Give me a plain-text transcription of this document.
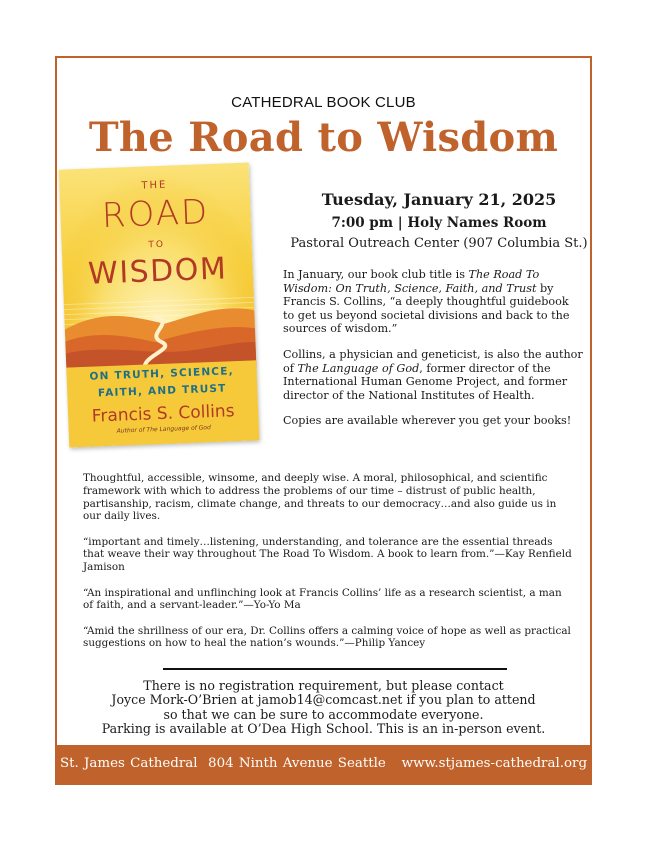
CATHEDRAL BOOK CLUB
The Road to Wisdom
THE
ROAD
TO
WISDOM
ON TRUTH, SCIENCE,
FAITH, AND TRUST
Francis S. Collins
Author of The Language of God
Tuesday, January 21, 2025
7:00 pm | Holy Names Room
Pastoral Outreach Center (907 Columbia St.)

In January, our book club title is The Road To Wisdom: On Truth, Science, Faith, and Trust by Francis S. Collins, “a deeply thoughtful guidebook to get us beyond societal divisions and back to the sources of wisdom.”

Collins, a physician and geneticist, is also the author of The Language of God, former director of the International Human Genome Project, and former director of the National Institutes of Health.

Copies are available wherever you get your books!

Thoughtful, accessible, winsome, and deeply wise. A moral, philosophical, and scientific framework with which to address the problems of our time – distrust of public health, partisanship, racism, climate change, and threats to our democracy…and also guide us in our daily lives.

“important and timely…listening, understanding, and tolerance are the essential threads that weave their way throughout The Road To Wisdom. A book to learn from.”—Kay Renfield Jamison

“An inspirational and unflinching look at Francis Collins’ life as a research scientist, a man of faith, and a servant-leader.”—Yo-Yo Ma

“Amid the shrillness of our era, Dr. Collins offers a calming voice of hope as well as practical suggestions on how to heal the nation’s wounds.”—Philip Yancey

There is no registration requirement, but please contact
Joyce Mork-O’Brien at jamob14@comcast.net if you plan to attend
so that we can be sure to accommodate everyone.
Parking is available at O’Dea High School. This is an in-person event.
St. James Cathedral  804 Ninth Avenue Seattle   www.stjames-cathedral.org
